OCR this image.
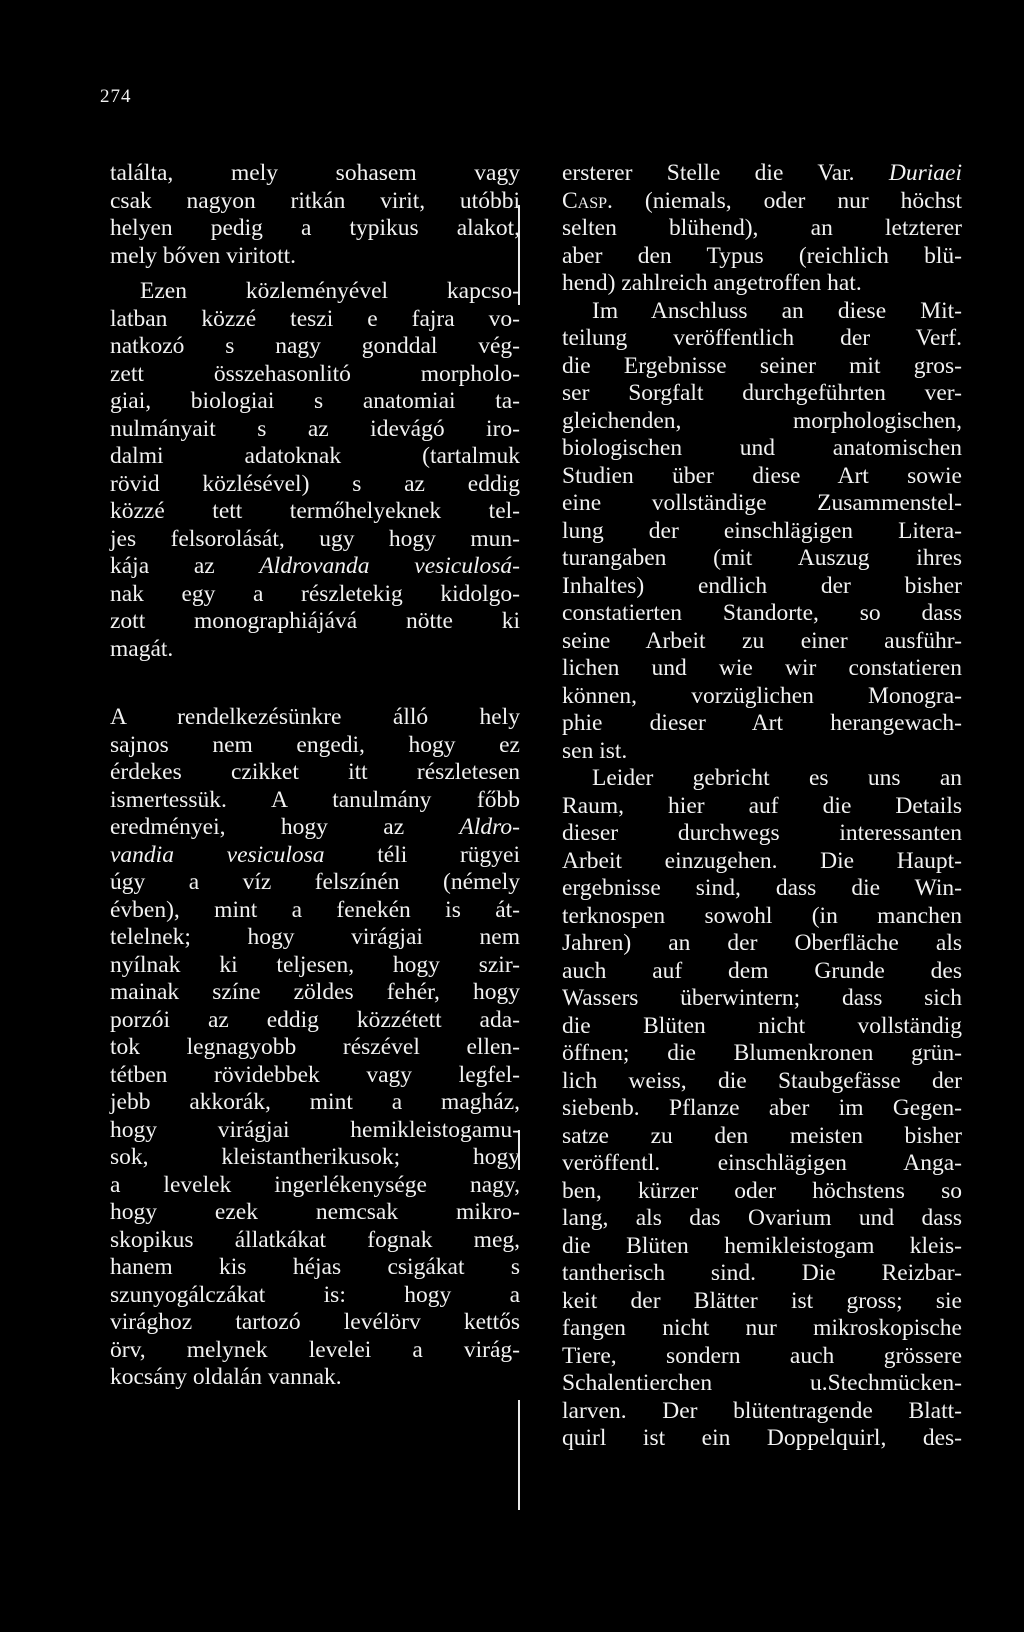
274
találta, mely sohasem vagy
csak nagyon ritkán virit, utóbbi
helyen pedig a typikus alakot,
mely bőven viritott.
Ezen közleményével kapcso-
latban közzé teszi e fajra vo-
natkozó s nagy gonddal vég-
zett összehasonlitó morpholo-
giai, biologiai s anatomiai ta-
nulmányait s az idevágó iro-
dalmi adatoknak (tartalmuk
rövid közlésével) s az eddig
közzé tett termőhelyeknek tel-
jes felsorolását, ugy hogy mun-
kája az Aldrovanda vesiculosá-
nak egy a részletekig kidolgo-
zott monographiájává nötte ki
magát.
A rendelkezésünkre álló hely
sajnos nem engedi, hogy ez
érdekes czikket itt részletesen
ismertessük. A tanulmány főbb
eredményei, hogy az Aldro-
vandia vesiculosa téli rügyei
úgy a víz felszínén (némely
évben), mint a fenekén is át-
telelnek; hogy virágjai nem
nyílnak ki teljesen, hogy szir-
mainak színe zöldes fehér, hogy
porzói az eddig közzétett ada-
tok legnagyobb részével ellen-
tétben rövidebbek vagy legfel-
jebb akkorák, mint a magház,
hogy virágjai hemikleistogamu-
sok, kleistantherikusok; hogy
a levelek ingerlékenysége nagy,
hogy ezek nemcsak mikro-
skopikus állatkákat fognak meg,
hanem kis héjas csigákat s
szunyogálczákat is: hogy a
virághoz tartozó levélörv kettős
örv, melynek levelei a virág-
kocsány oldalán vannak.
ersterer Stelle die Var. Duriaei
Casp. (niemals, oder nur höchst
selten blühend), an letzterer
aber den Typus (reichlich blü-
hend) zahlreich angetroffen hat.
Im Anschluss an diese Mit-
teilung veröffentlich der Verf.
die Ergebnisse seiner mit gros-
ser Sorgfalt durchgeführten ver-
gleichenden, morphologischen,
biologischen und anatomischen
Studien über diese Art sowie
eine vollständige Zusammenstel-
lung der einschlägigen Litera-
turangaben (mit Auszug ihres
Inhaltes) endlich der bisher
constatierten Standorte, so dass
seine Arbeit zu einer ausführ-
lichen und wie wir constatieren
können, vorzüglichen Monogra-
phie dieser Art herangewach-
sen ist.
Leider gebricht es uns an
Raum, hier auf die Details
dieser durchwegs interessanten
Arbeit einzugehen. Die Haupt-
ergebnisse sind, dass die Win-
terknospen sowohl (in manchen
Jahren) an der Oberfläche als
auch auf dem Grunde des
Wassers überwintern; dass sich
die Blüten nicht vollständig
öffnen; die Blumenkronen grün-
lich weiss, die Staubgefässe der
siebenb. Pflanze aber im Gegen-
satze zu den meisten bisher
veröffentl. einschlägigen Anga-
ben, kürzer oder höchstens so
lang, als das Ovarium und dass
die Blüten hemikleistogam kleis-
tantherisch sind. Die Reizbar-
keit der Blätter ist gross; sie
fangen nicht nur mikroskopische
Tiere, sondern auch grössere
Schalentierchen u.Stechmücken-
larven. Der blütentragende Blatt-
quirl ist ein Doppelquirl, des-
